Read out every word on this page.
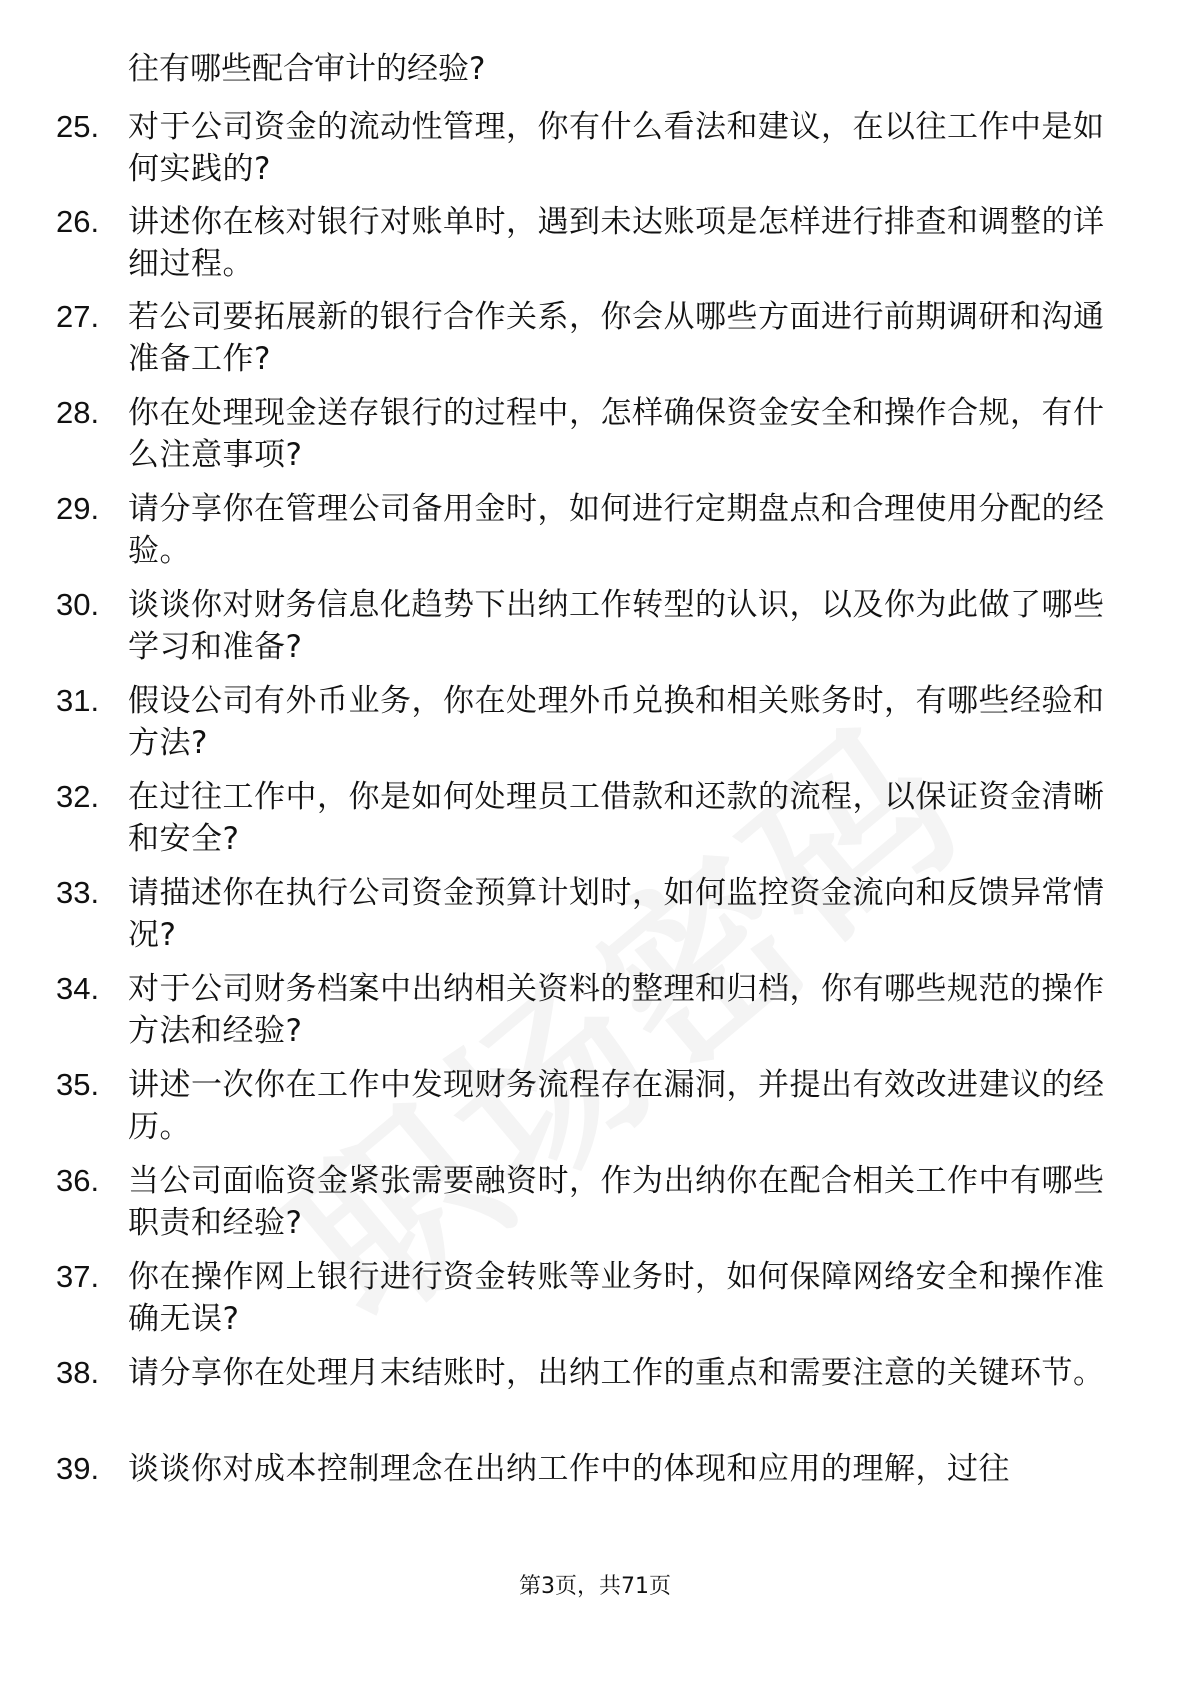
往有哪些配合审计的经验?
25. 对于公司资金的流动性管理，你有什么看法和建议，在以往工作中是如何实践的?
26. 讲述你在核对银行对账单时，遇到未达账项是怎样进行排查和调整的详细过程。
27. 若公司要拓展新的银行合作关系，你会从哪些方面进行前期调研和沟通准备工作?
28. 你在处理现金送存银行的过程中，怎样确保资金安全和操作合规，有什么注意事项?
29. 请分享你在管理公司备用金时，如何进行定期盘点和合理使用分配的经验。
30. 谈谈你对财务信息化趋势下出纳工作转型的认识，以及你为此做了哪些学习和准备?
31. 假设公司有外币业务，你在处理外币兑换和相关账务时，有哪些经验和方法?
32. 在过往工作中，你是如何处理员工借款和还款的流程，以保证资金清晰和安全?
33. 请描述你在执行公司资金预算计划时，如何监控资金流向和反馈异常情况?
34. 对于公司财务档案中出纳相关资料的整理和归档，你有哪些规范的操作方法和经验?
35. 讲述一次你在工作中发现财务流程存在漏洞，并提出有效改进建议的经历。
36. 当公司面临资金紧张需要融资时，作为出纳你在配合相关工作中有哪些职责和经验?
37. 你在操作网上银行进行资金转账等业务时，如何保障网络安全和操作准确无误?
38. 请分享你在处理月末结账时，出纳工作的重点和需要注意的关键环节。
39. 谈谈你对成本控制理念在出纳工作中的体现和应用的理解，过往
第3页，共71页
